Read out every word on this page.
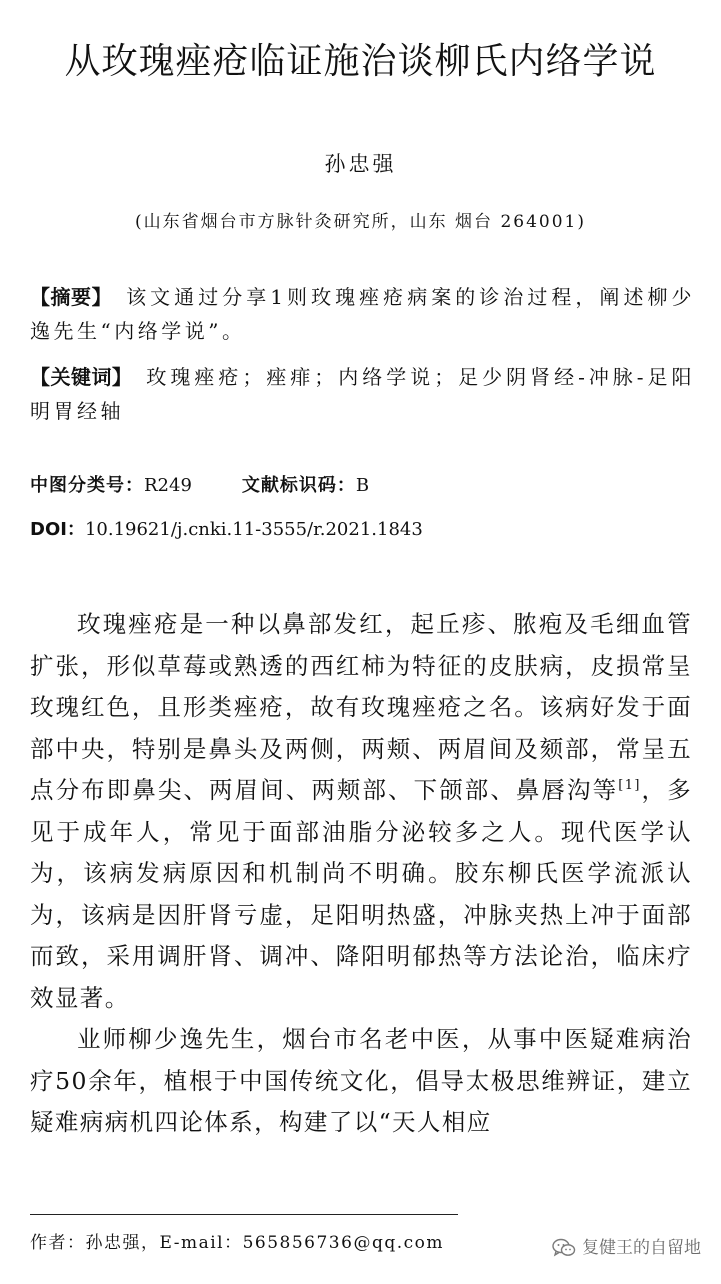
从玫瑰痤疮临证施治谈柳氏内络学说
孙忠强
(山东省烟台市方脉针灸研究所，山东 烟台 264001)

【摘要】 该文通过分享1则玫瑰痤疮病案的诊治过程，阐述柳少逸先生“内络学说”。

【关键词】 玫瑰痤疮；痤痱；内络学说；足少阴肾经-冲脉-足阳明胃经轴

中图分类号：R249	文献标识码：B
DOI：10.19621/j.cnki.11-3555/r.2021.1843

玫瑰痤疮是一种以鼻部发红，起丘疹、脓疱及毛细血管扩张，形似草莓或熟透的西红柿为特征的皮肤病，皮损常呈玫瑰红色，且形类痤疮，故有玫瑰痤疮之名。该病好发于面部中央，特别是鼻头及两侧，两颊、两眉间及颏部，常呈五点分布即鼻尖、两眉间、两颊部、下颌部、鼻唇沟等[1]，多见于成年人，常见于面部油脂分泌较多之人。现代医学认为，该病发病原因和机制尚不明确。胶东柳氏医学流派认为，该病是因肝肾亏虚，足阳明热盛，冲脉夹热上冲于面部而致，采用调肝肾、调冲、降阳明郁热等方法论治，临床疗效显著。

业师柳少逸先生，烟台市名老中医，从事中医疑难病治疗50余年，植根于中国传统文化，倡导太极思维辨证，建立疑难病病机四论体系，构建了以“天人相应

作者：孙忠强，E-mail：565856736@qq.com	复健王的自留地
